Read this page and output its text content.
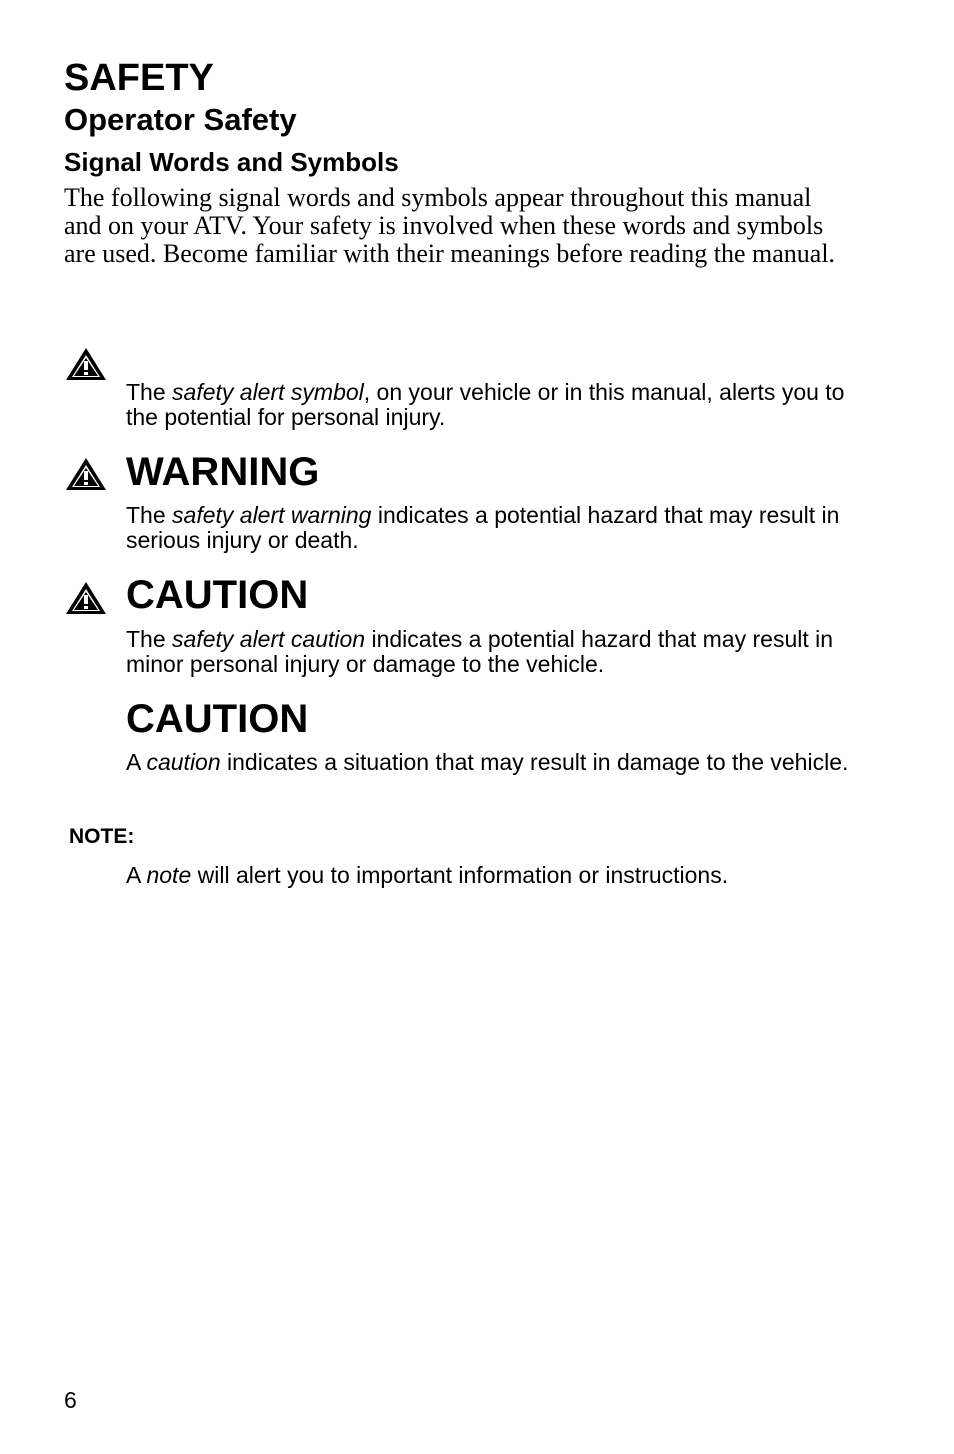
SAFETY
Operator Safety
Signal Words and Symbols

The following signal words and symbols appear throughout this manual and on your ATV. Your safety is involved when these words and symbols are used. Become familiar with their meanings before reading the manual.

The safety alert symbol, on your vehicle or in this manual, alerts you to the potential for personal injury.

WARNING

The safety alert warning indicates a potential hazard that may result in serious injury or death.

CAUTION

The safety alert caution indicates a potential hazard that may result in minor personal injury or damage to the vehicle.

CAUTION

A caution indicates a situation that may result in damage to the vehicle.

NOTE:

A note will alert you to important information or instructions.

6
